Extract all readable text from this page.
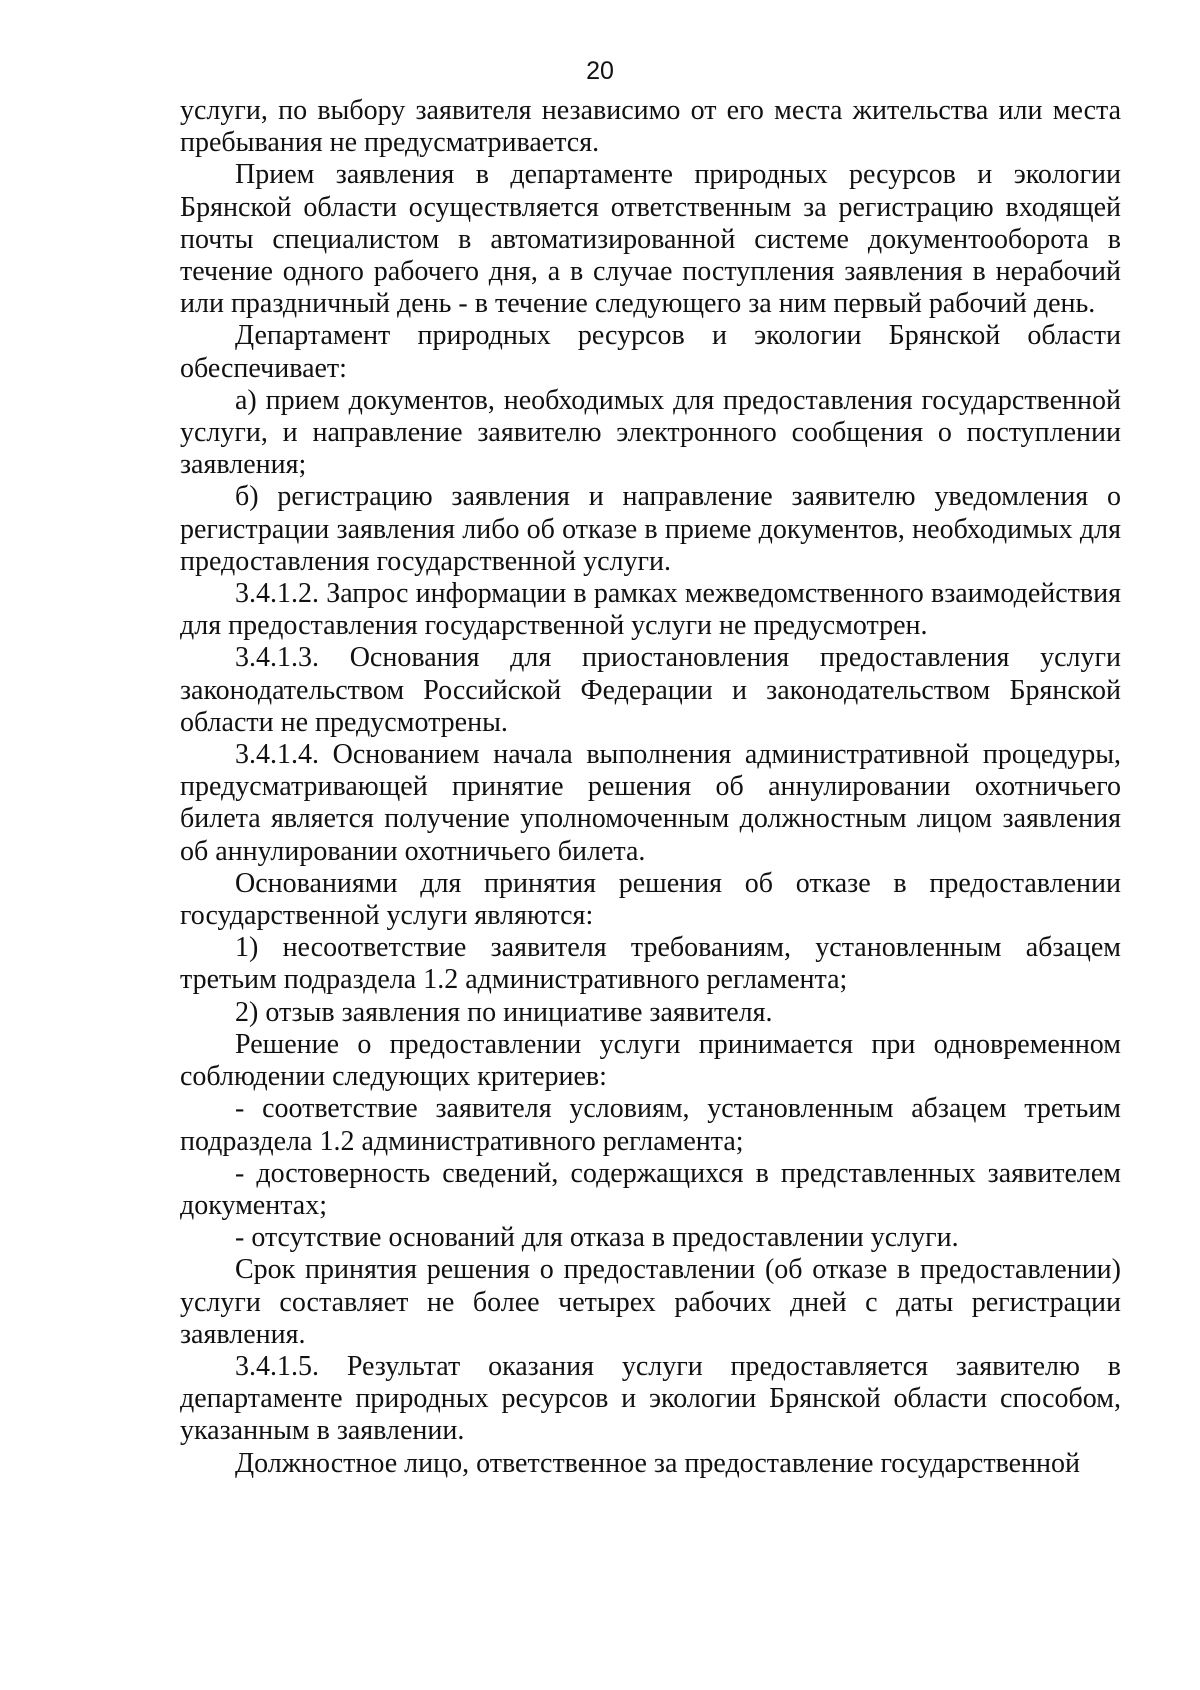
20

услуги, по выбору заявителя независимо от его места жительства или места пребывания не предусматривается.

Прием заявления в департаменте природных ресурсов и экологии Брянской области осуществляется ответственным за регистрацию входящей почты специалистом в автоматизированной системе документооборота в течение одного рабочего дня, а в случае поступления заявления в нерабочий или праздничный день - в течение следующего за ним первый рабочий день.

Департамент природных ресурсов и экологии Брянской области обеспечивает:

а) прием документов, необходимых для предоставления государственной услуги, и направление заявителю электронного сообщения о поступлении заявления;

б) регистрацию заявления и направление заявителю уведомления о регистрации заявления либо об отказе в приеме документов, необходимых для предоставления государственной услуги.

3.4.1.2. Запрос информации в рамках межведомственного взаимодействия для предоставления государственной услуги не предусмотрен.

3.4.1.3. Основания для приостановления предоставления услуги законодательством Российской Федерации и законодательством Брянской области не предусмотрены.

3.4.1.4. Основанием начала выполнения административной процедуры, предусматривающей принятие решения об аннулировании охотничьего билета является получение уполномоченным должностным лицом заявления об аннулировании охотничьего билета.

Основаниями для принятия решения об отказе в предоставлении государственной услуги являются:

1) несоответствие заявителя требованиям, установленным абзацем третьим подраздела 1.2 административного регламента;

2) отзыв заявления по инициативе заявителя.

Решение о предоставлении услуги принимается при одновременном соблюдении следующих критериев:

- соответствие заявителя условиям, установленным абзацем третьим подраздела 1.2 административного регламента;

- достоверность сведений, содержащихся в представленных заявителем документах;

- отсутствие оснований для отказа в предоставлении услуги.

Срок принятия решения о предоставлении (об отказе в предоставлении) услуги составляет не более четырех рабочих дней с даты регистрации заявления.

3.4.1.5. Результат оказания услуги предоставляется заявителю в департаменте природных ресурсов и экологии Брянской области способом, указанным в заявлении.

Должностное лицо, ответственное за предоставление государственной
